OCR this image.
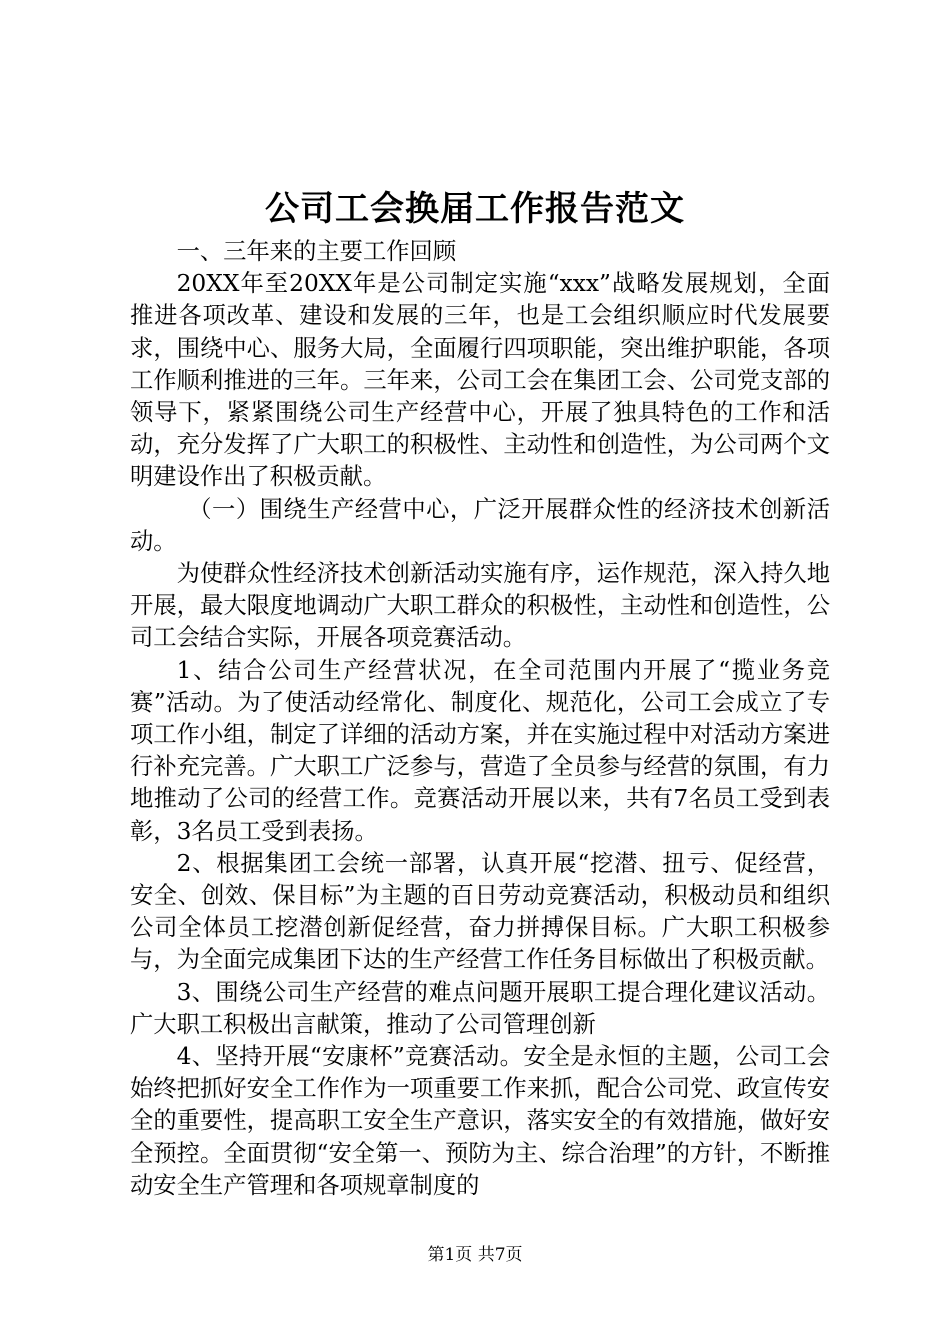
公司工会换届工作报告范文

一、三年来的主要工作回顾

20XX年至20XX年是公司制定实施“xxx”战略发展规划，全面推进各项改革、建设和发展的三年，也是工会组织顺应时代发展要求，围绕中心、服务大局，全面履行四项职能，突出维护职能，各项工作顺利推进的三年。三年来，公司工会在集团工会、公司党支部的领导下，紧紧围绕公司生产经营中心，开展了独具特色的工作和活动，充分发挥了广大职工的积极性、主动性和创造性，为公司两个文明建设作出了积极贡献。

（一）围绕生产经营中心，广泛开展群众性的经济技术创新活动。

为使群众性经济技术创新活动实施有序，运作规范，深入持久地开展，最大限度地调动广大职工群众的积极性，主动性和创造性，公司工会结合实际，开展各项竞赛活动。

1、结合公司生产经营状况，在全司范围内开展了“揽业务竞赛”活动。为了使活动经常化、制度化、规范化，公司工会成立了专项工作小组，制定了详细的活动方案，并在实施过程中对活动方案进行补充完善。广大职工广泛参与，营造了全员参与经营的氛围，有力地推动了公司的经营工作。竞赛活动开展以来，共有7名员工受到表彰，3名员工受到表扬。

2、根据集团工会统一部署，认真开展“挖潜、扭亏、促经营，安全、创效、保目标”为主题的百日劳动竞赛活动，积极动员和组织公司全体员工挖潜创新促经营，奋力拼搏保目标。广大职工积极参与，为全面完成集团下达的生产经营工作任务目标做出了积极贡献。

3、围绕公司生产经营的难点问题开展职工提合理化建议活动。广大职工积极出言献策，推动了公司管理创新

4、坚持开展“安康杯”竞赛活动。安全是永恒的主题，公司工会始终把抓好安全工作作为一项重要工作来抓，配合公司党、政宣传安全的重要性，提高职工安全生产意识，落实安全的有效措施，做好安全预控。全面贯彻“安全第一、预防为主、综合治理”的方针，不断推动安全生产管理和各项规章制度的

第1页 共7页
